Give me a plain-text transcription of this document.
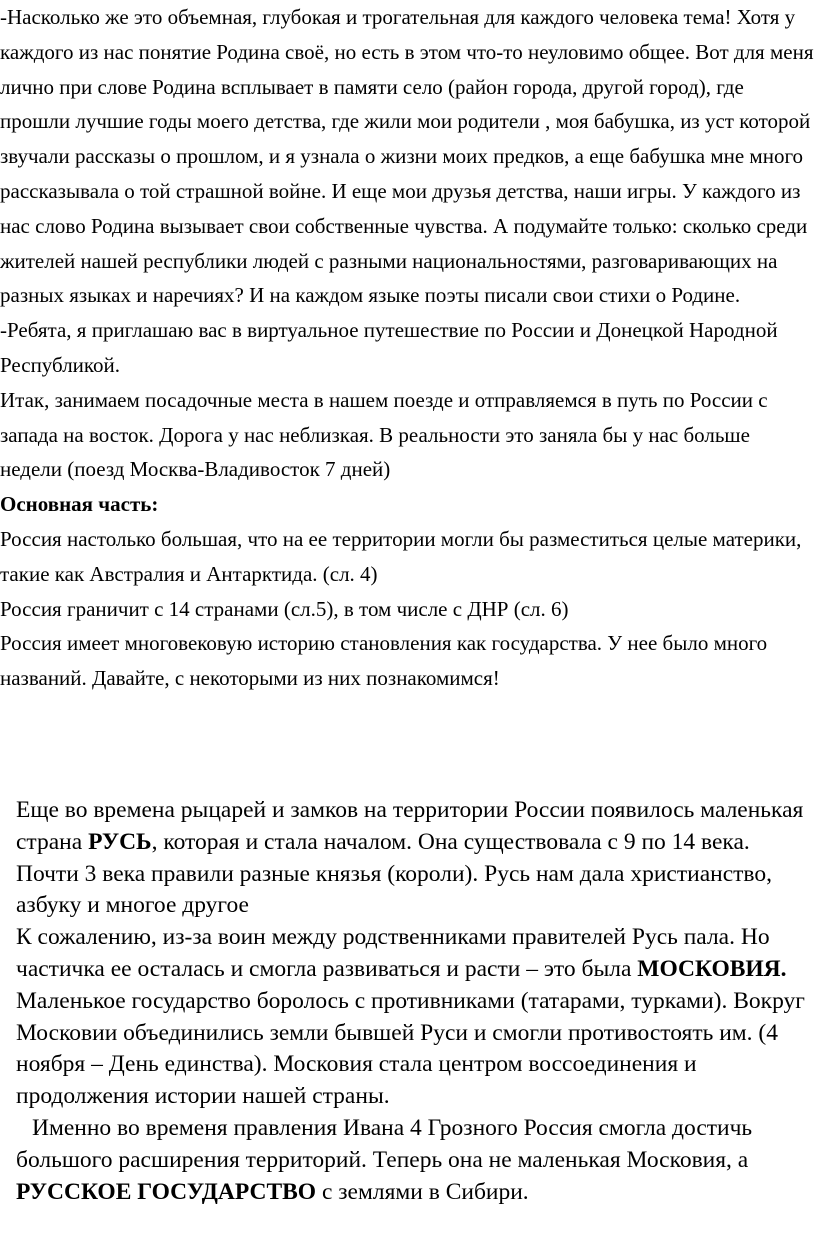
-Насколько же это объемная, глубокая и трогательная для каждого человека тема! Хотя у каждого из нас понятие Родина своё, но есть в этом что-то неуловимо общее. Вот для меня лично при слове Родина всплывает в памяти село (район города, другой город), где прошли лучшие годы моего детства, где жили мои родители , моя бабушка, из уст которой звучали рассказы о прошлом, и я узнала о жизни моих предков, а еще бабушка мне много рассказывала о той страшной войне. И еще мои друзья детства, наши игры. У каждого из нас слово Родина вызывает свои собственные чувства. А подумайте только: сколько среди жителей нашей республики людей с разными национальностями, разговаривающих на разных языках и наречиях? И на каждом языке поэты писали свои стихи о Родине.

-Ребята, я приглашаю вас в виртуальное путешествие по России и Донецкой Народной Республикой.

Итак, занимаем посадочные места в нашем поезде и отправляемся в путь по России с запада на восток. Дорога у нас неблизкая. В реальности это заняла бы у нас больше недели (поезд Москва-Владивосток 7 дней)

Основная часть:

Россия настолько большая, что на ее территории могли бы разместиться целые материки, такие как Австралия и Антарктида. (сл. 4)

Россия граничит с 14 странами (сл.5), в том числе с ДНР (сл. 6)

Россия имеет многовековую историю становления как государства. У нее было много названий. Давайте, с некоторыми из них познакомимся!

Еще во времена рыцарей и замков на территории России появилось маленькая страна РУСЬ, которая и стала началом. Она существовала с 9 по 14 века. Почти 3 века правили разные князья (короли). Русь нам дала христианство, азбуку и многое другое

К сожалению, из-за воин между родственниками правителей Русь пала. Но частичка ее осталась и смогла развиваться и расти – это была МОСКОВИЯ. Маленькое государство боролось с противниками (татарами, турками). Вокруг Московии объединились земли бывшей Руси и смогли противостоять им. (4 ноября – День единства). Московия стала центром воссоединения и продолжения истории нашей страны.

Именно во временя правления Ивана 4 Грозного Россия смогла достичь большого расширения территорий. Теперь она не маленькая Московия, а РУССКОЕ ГОСУДАРСТВО с землями в Сибири.
